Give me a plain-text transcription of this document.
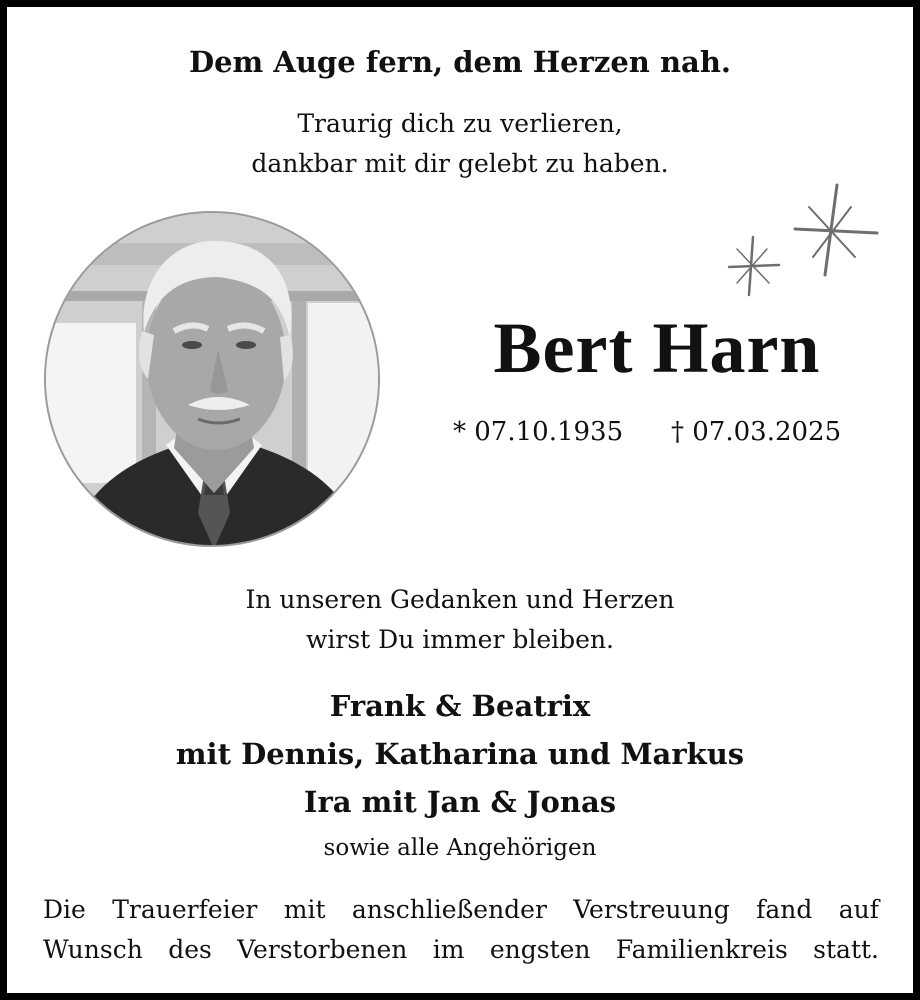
Dem Auge fern, dem Herzen nah.
Traurig dich zu verlieren,
dankbar mit dir gelebt zu haben.
Bert Harn
* 07.10.1935 † 07.03.2025
In unseren Gedanken und Herzen
wirst Du immer bleiben.
Frank & Beatrix
mit Dennis, Katharina und Markus
Ira mit Jan & Jonas
sowie alle Angehörigen
Die Trauerfeier mit anschließender Verstreuung fand auf
Wunsch des Verstorbenen im engsten Familienkreis statt.
